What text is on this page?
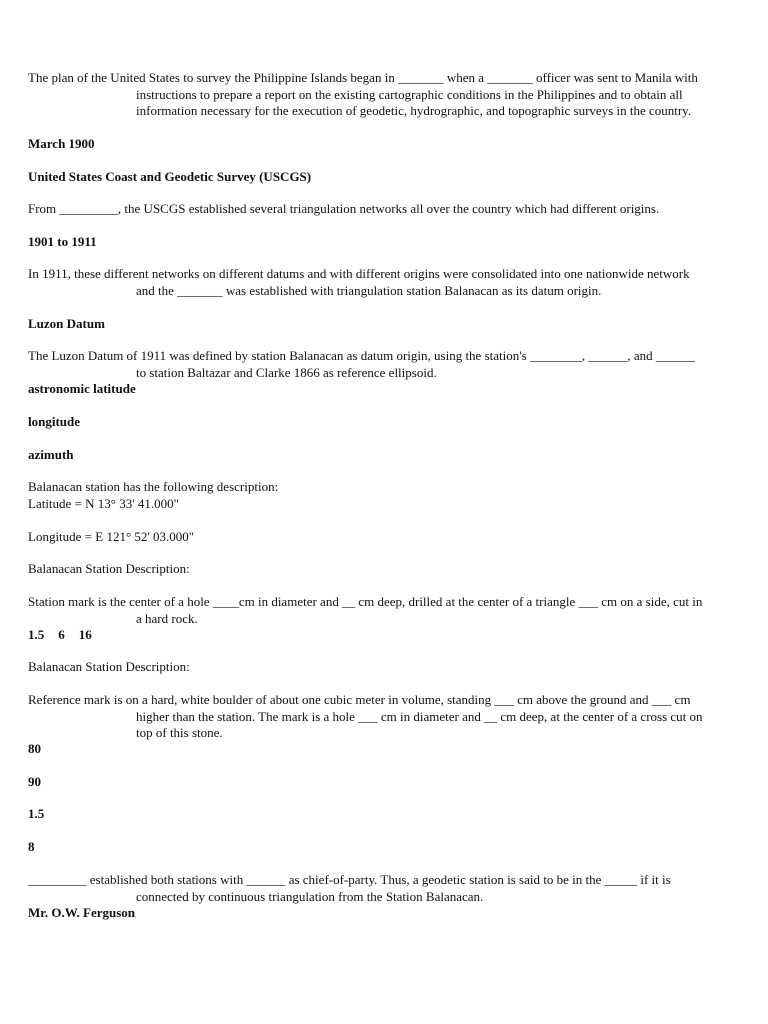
The plan of the United States to survey the Philippine Islands began in _______ when a _______ officer was sent to Manila with instructions to prepare a report on the existing cartographic conditions in the Philippines and to obtain all information necessary for the execution of geodetic, hydrographic, and topographic surveys in the country.
March 1900
United States Coast and Geodetic Survey (USCGS)
From _________, the USCGS established several triangulation networks all over the country which had different origins.
1901 to 1911
In 1911, these different networks on different datums and with different origins were consolidated into one nationwide network and the _______ was established with triangulation station Balanacan as its datum origin.
Luzon Datum
The Luzon Datum of 1911 was defined by station Balanacan as datum origin, using the station's ________, ______, and ______ to station Baltazar and Clarke 1866 as reference ellipsoid.
astronomic latitude
longitude
azimuth
Balanacan station has the following description:
Latitude = N 13° 33' 41.000"
Longitude = E 121° 52' 03.000"
Balanacan Station Description:
Station mark is the center of a hole ____cm in diameter and __ cm deep, drilled at the center of a triangle ___ cm on a side, cut in a hard rock.
1.5 6 16
Balanacan Station Description:
Reference mark is on a hard, white boulder of about one cubic meter in volume, standing ___ cm above the ground and ___ cm higher than the station. The mark is a hole ___ cm in diameter and __ cm deep, at the center of a cross cut on top of this stone.
80
90
1.5
8
_________ established both stations with ______ as chief-of-party. Thus, a geodetic station is said to be in the _____ if it is connected by continuous triangulation from the Station Balanacan.
Mr. O.W. Ferguson
